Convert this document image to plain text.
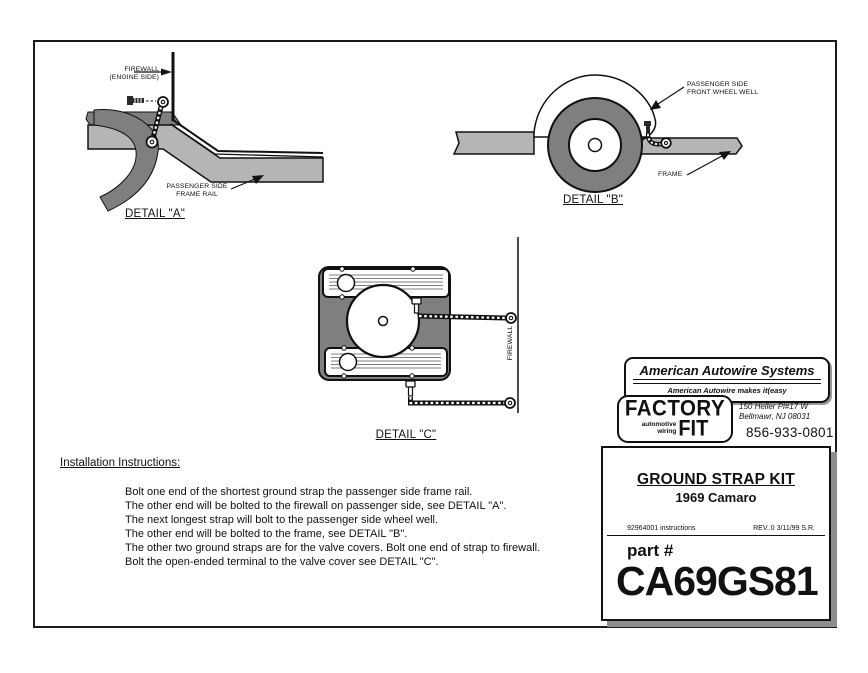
FIREWALL
(ENGINE SIDE)
PASSENGER SIDE
FRAME RAIL
DETAIL "A"
PASSENGER SIDE
FRONT WHEEL WELL
FRAME
DETAIL "B"
FIREWALL
DETAIL "C"
Installation Instructions:
Bolt one end of the shortest ground strap the passenger side frame rail.
The other end will be bolted to the firewall on passenger side, see DETAIL "A".
The next longest strap will bolt to the passenger side wheel well.
The other end will be bolted to the frame, see DETAIL "B".
The other two ground straps are for the valve covers. Bolt one end of strap to firewall.
Bolt the open-ended terminal to the valve cover see DETAIL "C".
American Autowire Systems
American Autowire makes it(easy
FACTORY
automotive
wiring FIT
150 Heller Pl#17 W
Bellmawr, NJ 08031
856-933-0801
GROUND STRAP KIT
1969 Camaro
92964001 instructions	REV..0 3/11/99 S.R.
part #
CA69GS81
